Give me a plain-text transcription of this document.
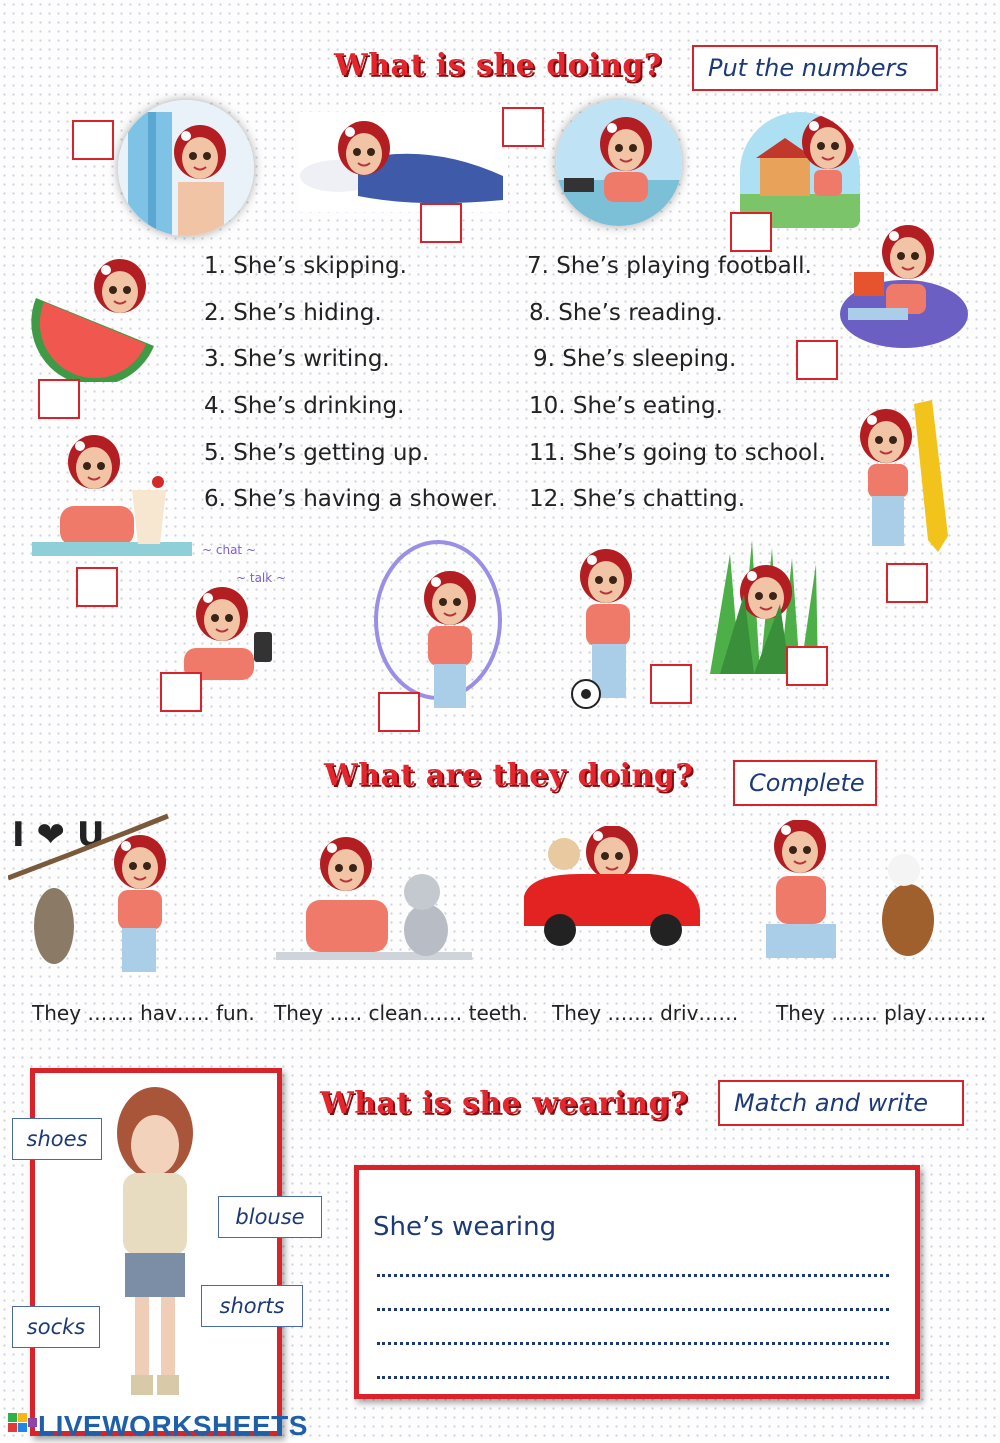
What is she doing?	Put the numbers
1. She’s skipping.
2. She’s hiding.
3. She’s writing.
4. She’s drinking.
5. She’s getting up.
6. She’s having a shower.
7. She’s playing football.
8. She’s reading.
9. She’s sleeping.
10. She’s eating.
11. She’s going to school.
12. She’s chatting.
~ chat ~
~ talk ~
What are they doing?	Complete
I ❤ U
They ……. hav….. fun. They ….. clean…… teeth. They ……. driv…… They ……. play………
shoes
blouse
shorts
socks
What is she wearing?	Match and write
She’s wearing
LIVEWORKSHEETS
